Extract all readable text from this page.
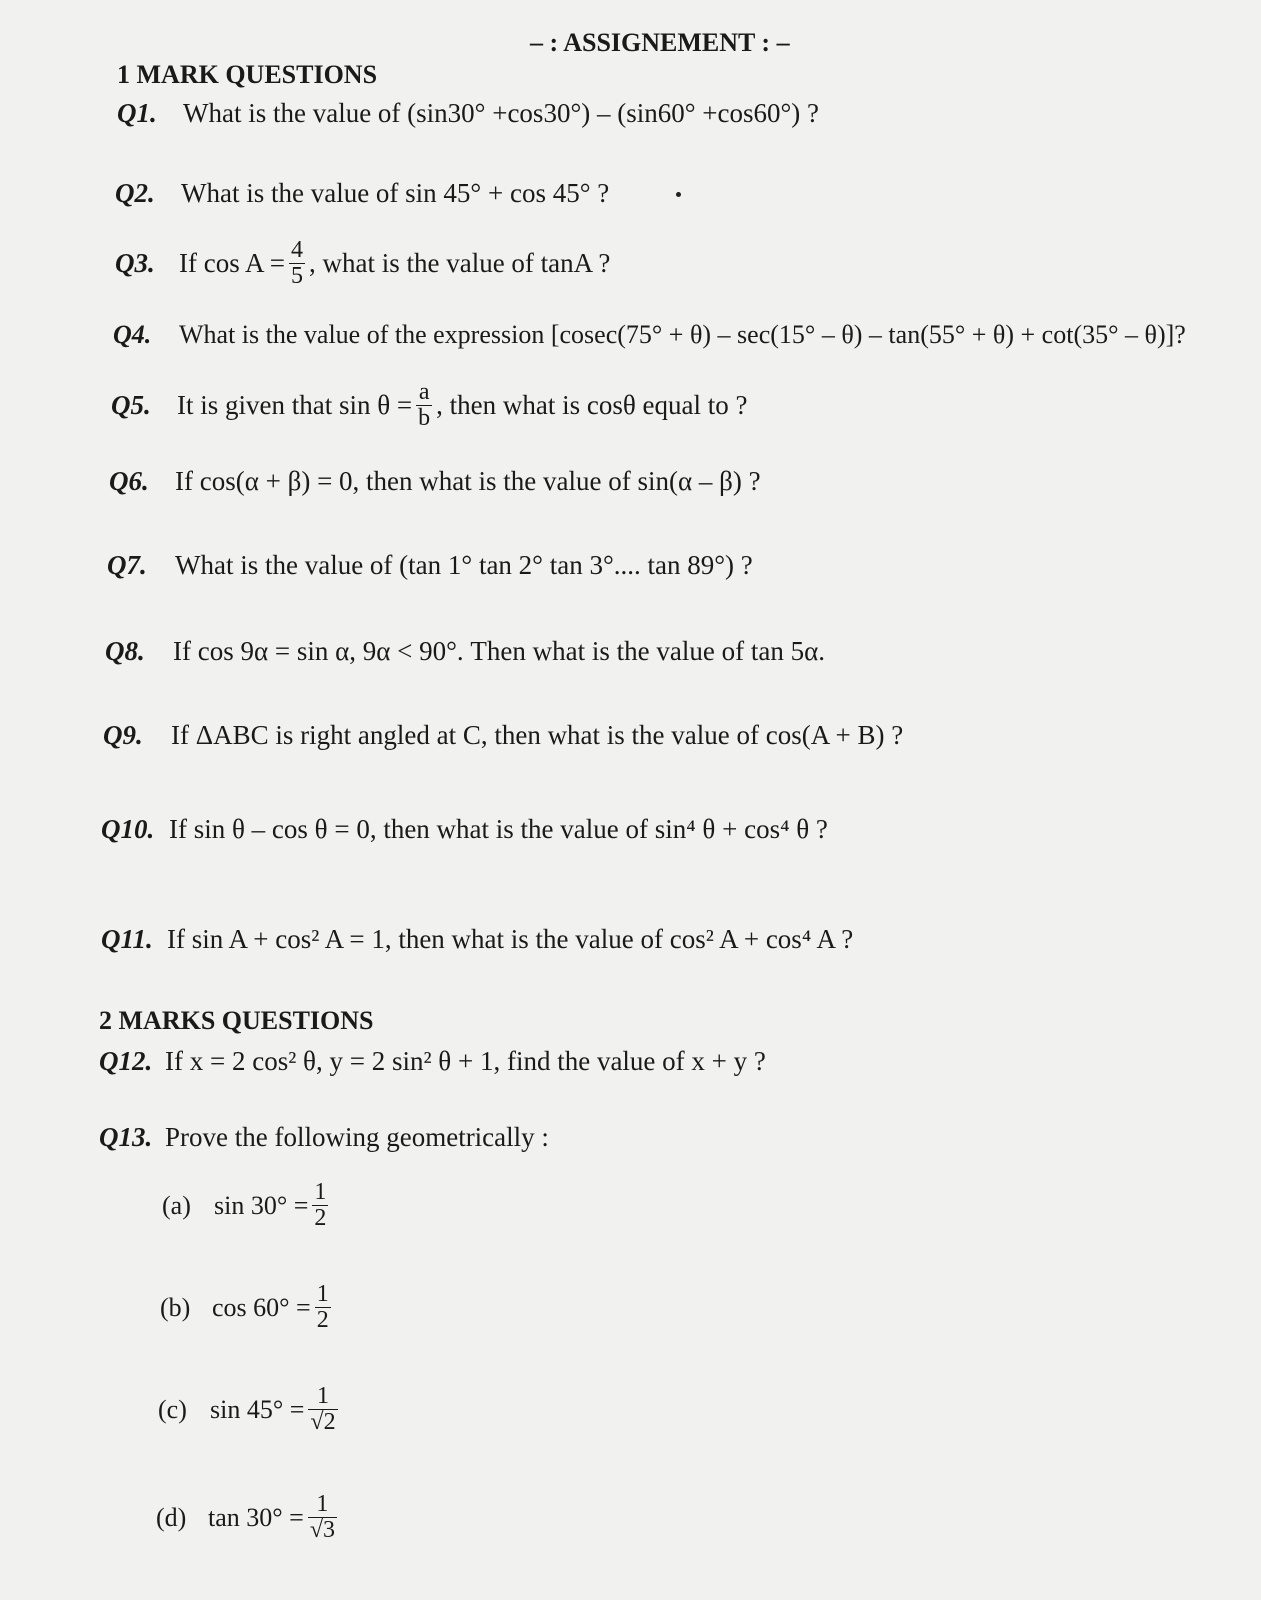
– : ASSIGNEMENT : –
1 MARK QUESTIONS
Q1. What is the value of (sin30° +cos30°) – (sin60° +cos60°) ?
Q2. What is the value of sin 45° + cos 45° ?
Q3. If $\cos A = \frac{4}{5}$ , what is the value of tanA ?
Q4.	What is the value of the expression [cosec(75° + θ) – sec(15° – θ) – tan(55° + θ) + cot(35° – θ)]?
Q5. It is given that $\sin \theta = \frac{a}{b}$ , then what is cosθ equal to ?
Q6. If cos(α + β) = 0, then what is the value of sin(α – β) ?
Q7.	What is the value of (tan 1° tan 2° tan 3°.... tan 89°) ?
Q8.	If cos 9α = sin α, 9α < 90°. Then what is the value of tan 5α.
Q9.	If ΔABC is right angled at C, then what is the value of cos(A + B) ?
Q10. If sin θ – cos θ = 0, then what is the value of sin⁴ θ + cos⁴ θ ?
Q11. If sin A + cos² A = 1, then what is the value of cos² A + cos⁴ A ?
2 MARKS QUESTIONS
Q12. If x = 2 cos² θ, y = 2 sin² θ + 1, find the value of x + y ?
Q13. Prove the following geometrically :
(a) $\sin 30^\circ = \frac{1}{2}$
(b) $\cos 60^\circ = \frac{1}{2}$
(c) $\sin 45^\circ = \frac{1}{√2}$
(d) $\tan 30^\circ = \frac{1}{√3}$
